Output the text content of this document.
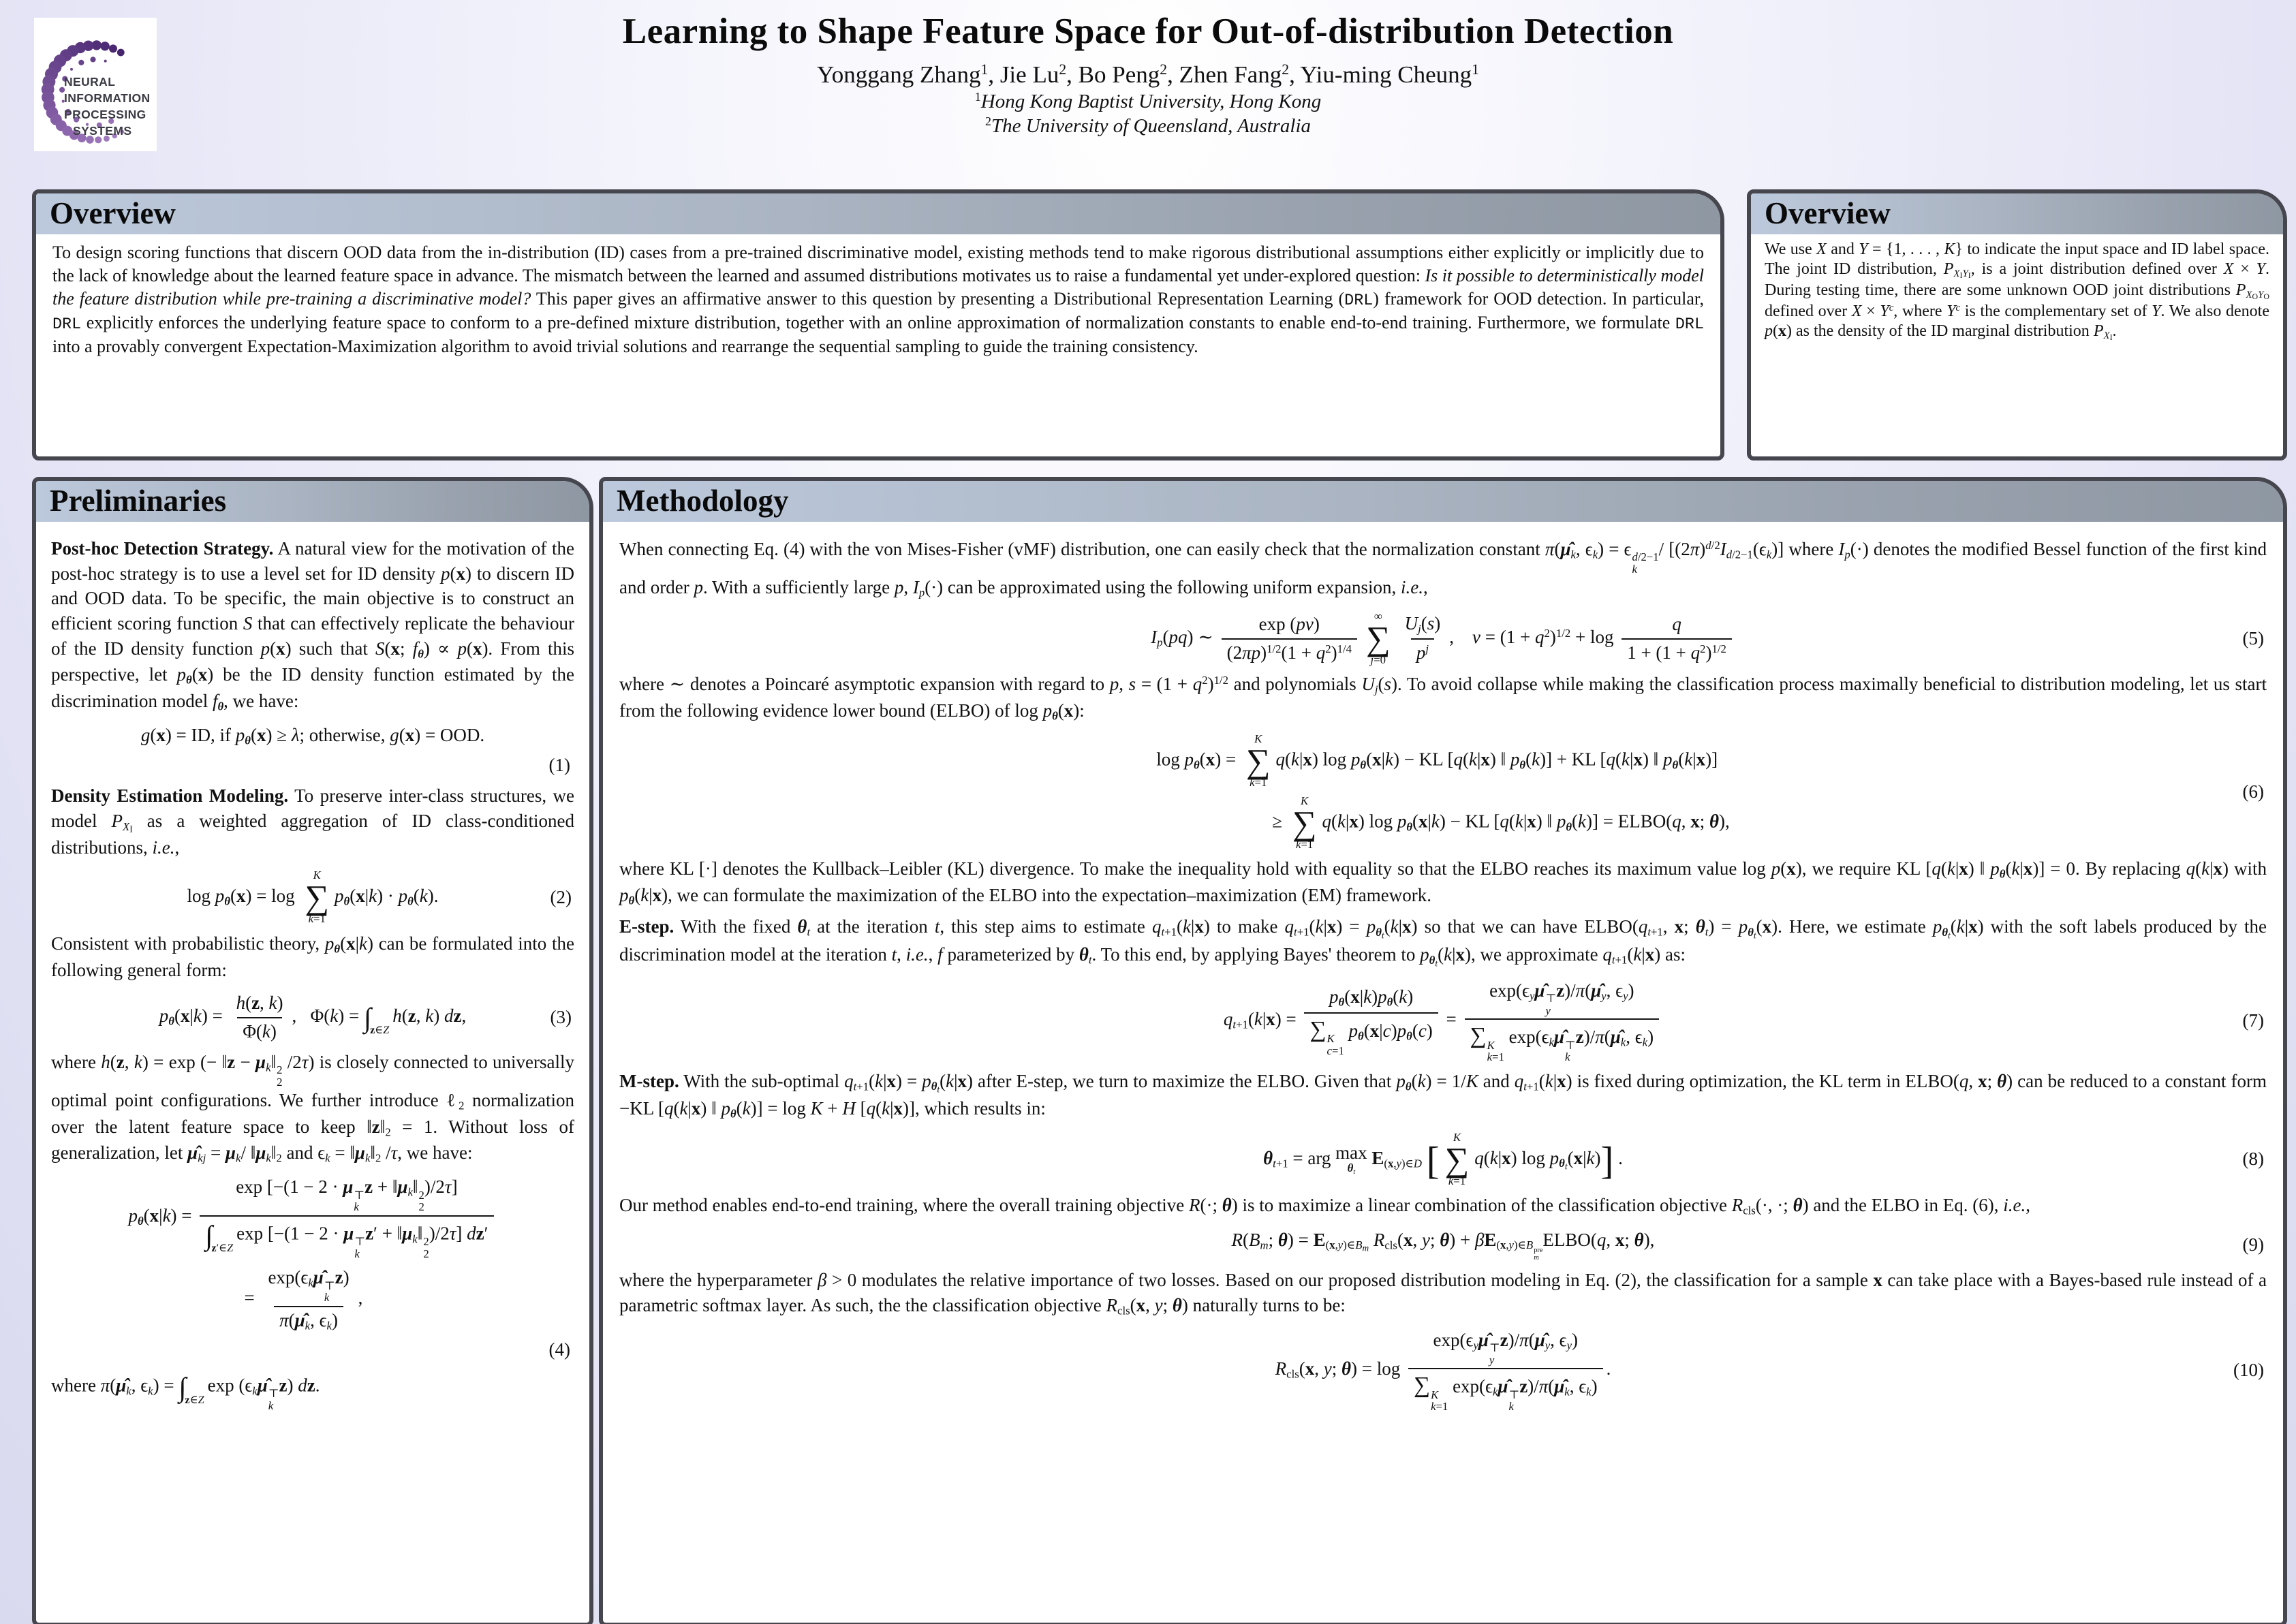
NEURAL
INFORMATION
PROCESSING
SYSTEMS
Learning to Shape Feature Space for Out-of-distribution Detection
Yonggang Zhang$^1$, Jie Lu$^2$, Bo Peng$^2$, Zhen Fang$^2$, Yiu-ming Cheung$^1$
$^1$Hong Kong Baptist University, Hong Kong
$^2$The University of Queensland, Australia
Overview
To design scoring functions that discern OOD data from the in-distribution (ID) cases from a pre-trained discriminative model, existing methods tend to make rigorous distributional assumptions either explicitly or implicitly due to the lack of knowledge about the learned feature space in advance. The mismatch between the learned and assumed distributions motivates us to raise a fundamental yet under-explored question: Is it possible to deterministically model the feature distribution while pre-training a discriminative model? This paper gives an affirmative answer to this question by presenting a Distributional Representation Learning (DRL) framework for OOD detection. In particular, DRL explicitly enforces the underlying feature space to conform to a pre-defined mixture distribution, together with an online approximation of normalization constants to enable end-to-end training. Furthermore, we formulate DRL into a provably convergent Expectation-Maximization algorithm to avoid trivial solutions and rearrange the sequential sampling to guide the training consistency.
Overview
We use X and Y = {1, . . . , K} to indicate the input space and ID label space. The joint ID distribution, $P_{XIYI}$, is a joint distribution defined over X × Y. During testing time, there are some unknown OOD joint distributions $P_{XOYO}$ defined over $X \times Y^c$, where $Y^c$ is the complementary set of Y. We also denote p(x) as the density of the ID marginal distribution $P_{XI}$.
Preliminaries
Post-hoc Detection Strategy. A natural view for the motivation of the post-hoc strategy is to use a level set for ID density p(x) to discern ID and OOD data. To be specific, the main objective is to construct an efficient scoring function S that can effectively replicate the behaviour of the ID density function p(x) such that S(x; $f_\theta) \propto p(x)$. From this perspective, let $p_\theta(x)$ be the ID density function estimated by the discrimination model $f_\theta$, we have:
g(x) = ID, if $p_\theta(x) \ge \lambda$; otherwise, g(x) = OOD.
(1)
Density Estimation Modeling. To preserve inter-class structures, we model $P_{XI}$ as a weighted aggregation of ID class-conditioned distributions, i.e.,
$\log p_\theta(x) = \log$
K
∑
k=1
$p_\theta(x|k) \cdot p_\theta(k)$.	(2)
Consistent with probabilistic theory, $p_\theta(x|k)$ can be formulated into the following general form:
$p_\theta(x|k) = \frac{h(z, k)}{\Phi(k)}$ ,   $\Phi(k) = \int_{z\in Z}h(z$, k) dz,	(3)
where h(z, k) = exp (− ‖z − $\mu_k‖$ 2
2
/2τ) is closely connected to universally optimal point configurations. We further introduce ℓ$_2$ normalization over the latent feature space to keep $‖z‖_2 = 1$. Without loss of generalization, let $\mû_{kj} = \mu_k/$ $‖\mu_k‖_2$ and $\epsilon_k$ = $‖\mu_k‖_2$ /τ, we have:
$p_\theta(x|k) = \exp [-(1 - 2 \cdot \mu$ ⊤
k
$z + ‖\mu_k‖$ 2
2
)/2τ]
$\int_{z'\in Z}\exp$ [−(1 − 2 · μ ⊤
k
$z' + ‖\mu_k‖$ 2
2
)/2τ] dz′
=
$\exp(\epsilon_k\mû$ ⊤
k
z)
$\pi(\mû_k$, $\epsilon_k$)
,
(4)
where $\pi(\mû_k$, $\epsilon_k) = \int_{z\in Z}\exp$ ($\epsilon_k\mû$ ⊤
k
z) dz.
Methodology
When connecting Eq. (4) with the von Mises-Fisher (vMF) distribution, one can easily check that the normalization constant $\pi(\mû_k$, $\epsilon_k) = \epsilon$ d/2−1
k
/ $[(2\pi)^{d/2}I_{d/2-1}(\epsilon_k)]$ where $I_p(\cdot)$ denotes the modified Bessel function of the first kind and order p. With a sufficiently large p, $I_p(\cdot)$ can be approximated using the following uniform expansion, i.e.,
$I_p(pq)$ ∼ $\frac{\exp (p\nu)}{(2\pi p)^{1/2}(1 + q^2)^{1/4}}$ ∞
∑
$j=0 \frac{U_j(s)}{p^j}$ ,    $\nu = (1 + q^2)^{1/2} + \log \frac{q}{1 + (1 + q^2)^{1/2}}$	(5)
where ∼ denotes a Poincaré asymptotic expansion with regard to p, $s = (1 + q^2)^{1/2}$ and polynomials $U_j(s)$. To avoid collapse while making the classification process maximally beneficial to distribution modeling, let us start from the following evidence lower bound (ELBO) of $\log p_\theta(x)$:
$\log p_\theta(x)$ =
K
∑
k=1
q(k|x) $\log p_\theta(x|k)$ − KL [q(k|x) ‖ $p_\theta(k)$] + KL [q(k|x) ‖ $p_\theta(k|x)$]
≥
K
∑
k=1
q(k|x) $\log p_\theta(x|k)$ − KL [q(k|x) ‖ $p_\theta(k)$] = ELBO(q, x; θ),
(6)
where KL [·] denotes the Kullback–Leibler (KL) divergence. To make the inequality hold with equality so that the ELBO reaches its maximum value log p(x), we require KL [q(k|x) ‖ $p_\theta(k|x)] = 0$. By replacing q(k|x) with $p_\theta(k|x)$, we can formulate the maximization of the ELBO into the expectation–maximization (EM) framework.
E-step. With the fixed $\theta_t$ at the iteration t, this step aims to estimate $q_{t+1}(k|x)$ to make $q_{t+1}(k|x) = p_{\theta_t}(k|x)$ so that we can have $ELBO(q_{t+1}$, x; $\theta_t) = p_{\theta_t}(x)$. Here, we estimate $p_{\theta_t}(k|x)$ with the soft labels produced by the discrimination model at the iteration t, i.e., f parameterized by $\theta_t$. To this end, by applying Bayes' theorem to $p_{\theta_t}(k|x)$, we approximate $q_{t+1}(k|x)$ as:
$q_{t+1}(k|x) = p_\theta(x|k)p_\theta(k)$
∑ K
c=1
$p_\theta(x|c)p_\theta(c)$ =
$\exp(\epsilon_y\mû$ ⊤
y
$z)/\pi(\mû_y$, $\epsilon_y$)
∑ K
k=1
$\exp(\epsilon_k\mû$ ⊤
k
$z)/\pi(\mû_k$, $\epsilon_k$)
(7)
M-step. With the sub-optimal $q_{t+1}(k|x) = p_{\theta_t}(k|x)$ after E-step, we turn to maximize the ELBO. Given that $p_\theta(k) = 1/K$ and $q_{t+1}(k|x)$ is fixed during optimization, the KL term in ELBO(q, x; θ) can be reduced to a constant form −KL [q(k|x) ‖ $p_\theta(k)] = \log K + H$ [q(k|x)], which results in:
$\theta_{t+1}$ = arg max
$\theta_t$
$E_{(x,y)\in D}$ [
K
∑
k=1
q(k|x) $\log p_{\theta_t}(x|k)$] .	(8)
Our method enables end-to-end training, where the overall training objective R(·; θ) is to maximize a linear combination of the classification objective $R_{cls}(\cdot$, ·; θ) and the ELBO in Eq. (6), i.e.,
$R(B_m$; $\theta) = E_{(x,y)\in B_m}$ $R_{cls}(x$, y; $\theta) + \beta E_{(x,y)\in B pre m}$
ELBO(q, x; θ),	(9)
where the hyperparameter β > 0 modulates the relative importance of two losses. Based on our proposed distribution modeling in Eq. (2), the classification for a sample x can take place with a Bayes-based rule instead of a parametric softmax layer. As such, the the classification objective $R_{cls}(x$, y; θ) naturally turns to be:
$R_{cls}(x$, y; θ) = log
$\exp(\epsilon_y\mû$ ⊤
y
$z)/\pi(\mû_y$, $\epsilon_y$)
∑ K
k=1
$\exp(\epsilon_k\mû$ ⊤
k
$z)/\pi(\mû_k$, $\epsilon_k$)
.	(10)
